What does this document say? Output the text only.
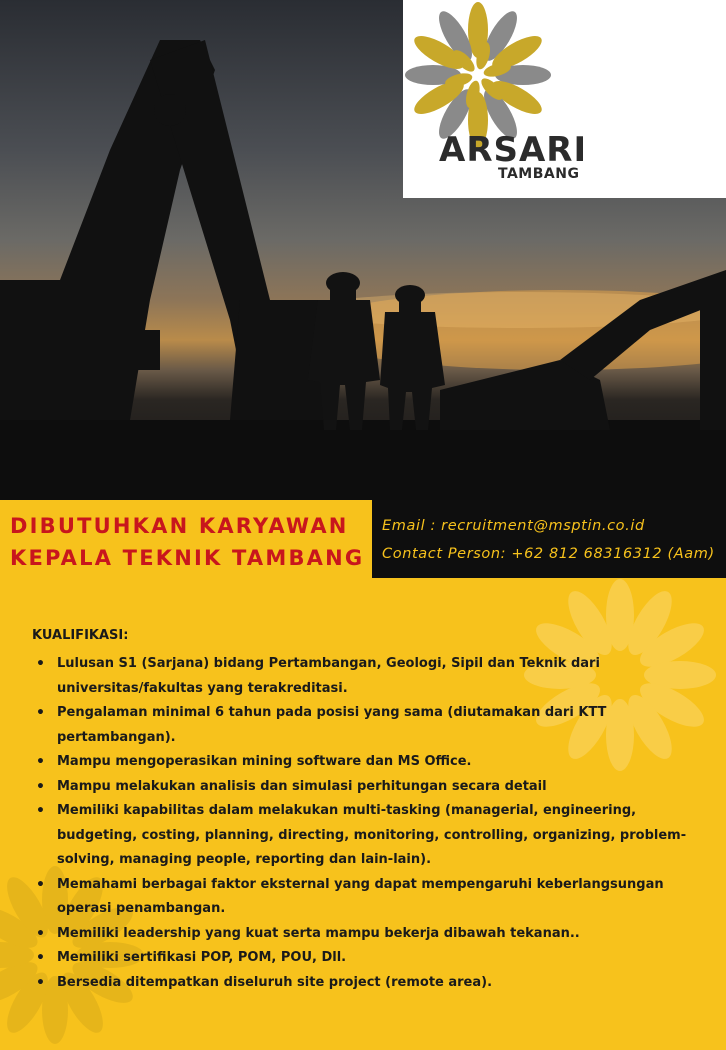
ARSARI
TAMBANG
DIBUTUHKAN KARYAWAN
KEPALA TEKNIK TAMBANG
Email : recruitment@msptin.co.id
Contact Person: +62 812 68316312 (Aam)
KUALIFIKASI:
• Lulusan S1 (Sarjana) bidang Pertambangan, Geologi, Sipil dan Teknik dari universitas/fakultas yang terakreditasi.
• Pengalaman minimal 6 tahun pada posisi yang sama (diutamakan dari KTT pertambangan).
• Mampu mengoperasikan mining software dan MS Office.
• Mampu melakukan analisis dan simulasi perhitungan secara detail
• Memiliki kapabilitas dalam melakukan multi-tasking (managerial, engineering, budgeting, costing, planning, directing, monitoring, controlling, organizing, problem-solving, managing people, reporting dan lain-lain).
• Memahami berbagai faktor eksternal yang dapat mempengaruhi keberlangsungan operasi penambangan.
• Memiliki leadership yang kuat serta mampu bekerja dibawah tekanan..
• Memiliki sertifikasi POP, POM, POU, Dll.
• Bersedia ditempatkan diseluruh site project (remote area).
